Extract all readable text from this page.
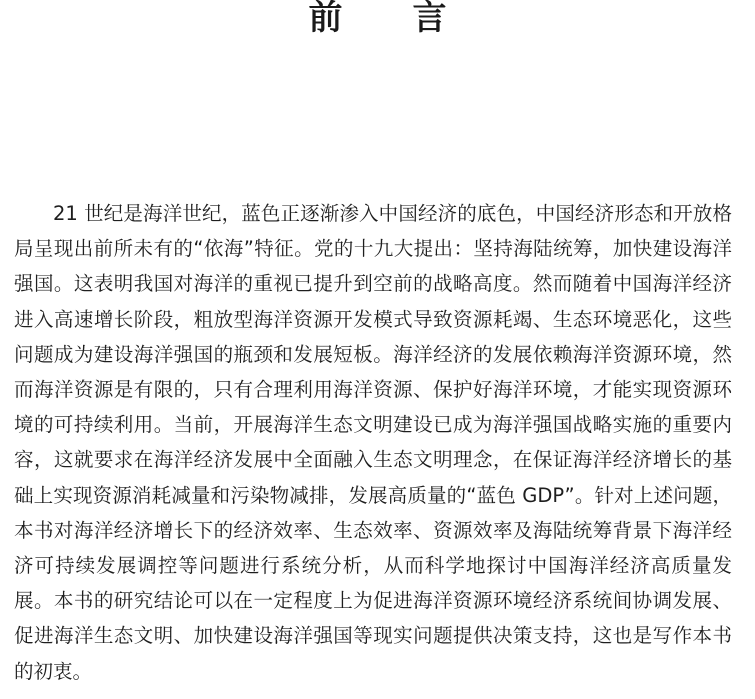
前 言

21 世纪是海洋世纪，蓝色正逐渐渗入中国经济的底色，中国经济形态和开放格局呈现出前所未有的“依海”特征。党的十九大提出：坚持海陆统筹，加快建设海洋强国。这表明我国对海洋的重视已提升到空前的战略高度。然而随着中国海洋经济进入高速增长阶段，粗放型海洋资源开发模式导致资源耗竭、生态环境恶化，这些问题成为建设海洋强国的瓶颈和发展短板。海洋经济的发展依赖海洋资源环境，然而海洋资源是有限的，只有合理利用海洋资源、保护好海洋环境，才能实现资源环境的可持续利用。当前，开展海洋生态文明建设已成为海洋强国战略实施的重要内容，这就要求在海洋经济发展中全面融入生态文明理念，在保证海洋经济增长的基础上实现资源消耗减量和污染物减排，发展高质量的“蓝色 GDP”。针对上述问题，本书对海洋经济增长下的经济效率、生态效率、资源效率及海陆统筹背景下海洋经济可持续发展调控等问题进行系统分析，从而科学地探讨中国海洋经济高质量发展。本书的研究结论可以在一定程度上为促进海洋资源环境经济系统间协调发展、促进海洋生态文明、加快建设海洋强国等现实问题提供决策支持，这也是写作本书的初衷。
